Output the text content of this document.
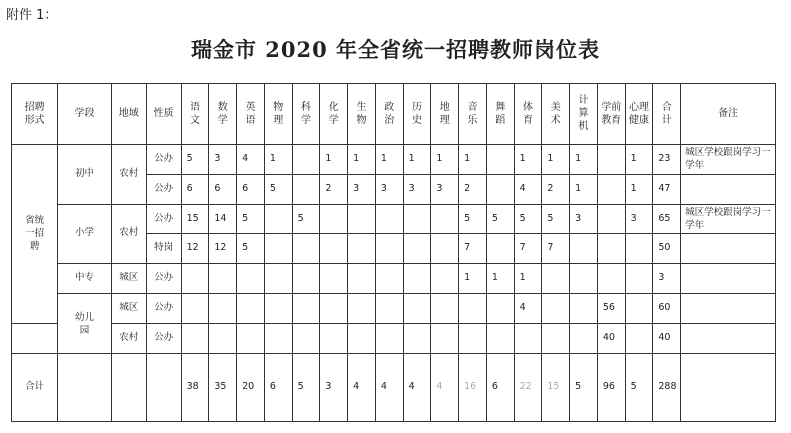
附件 1：
瑞金市 2020 年全省统一招聘教师岗位表
招聘形式	学段	地域	性质	语文	数学	英语	物理	科学	化学	生物	政治	历史	地理	音乐	舞蹈	体育	美术	计算机	学前教育	心理健康	合计	备注
省统一招聘	初中	农村	公办	5	3	4	1		1	1	1	1	1	1		1	1	1		1	23	城区学校跟岗学习一学年
			公办	6	6	6	5		2	3	3	3	3	2		4	2	1		1	47	
	小学	农村	公办	15	14	5		5						5	5	5	5	3		3	65	城区学校跟岗学习一学年
			特岗	12	12	5								7		7	7				50	
	中专	城区	公办											1	1	1					3	
	幼儿园	城区	公办													4			56		60	
		农村	公办																40		40	
合计				38	35	20	6	5	3	4	4	4	4	16	6	22	15	5	96	5	288	
